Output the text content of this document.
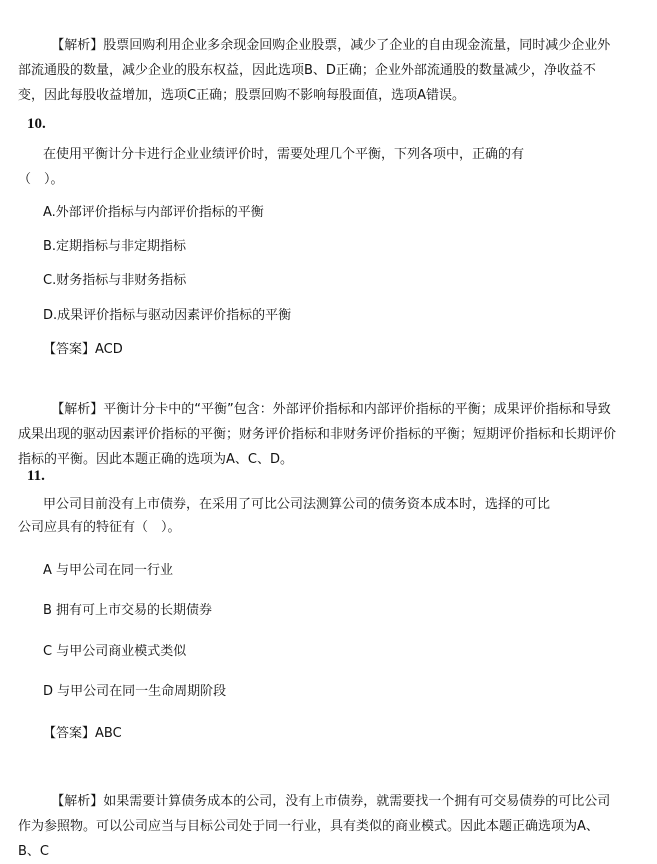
【解析】股票回购利用企业多余现金回购企业股票，减少了企业的自由现金流量，同时减少企业外部流通股的数量，减少企业的股东权益，因此选项B、D正确；企业外部流通股的数量减少，净收益不变，因此每股收益增加，选项C正确；股票回购不影响每股面值，选项A错误。

10.
在使用平衡计分卡进行企业业绩评价时，需要处理几个平衡，下列各项中，正确的有
（　）。
A.外部评价指标与内部评价指标的平衡
B.定期指标与非定期指标
C.财务指标与非财务指标
D.成果评价指标与驱动因素评价指标的平衡
【答案】ACD

【解析】平衡计分卡中的“平衡”包含：外部评价指标和内部评价指标的平衡；成果评价指标和导致成果出现的驱动因素评价指标的平衡；财务评价指标和非财务评价指标的平衡；短期评价指标和长期评价指标的平衡。因此本题正确的选项为A、C、D。

11.
甲公司目前没有上市债券，在采用了可比公司法测算公司的债务资本成本时，选择的可比
公司应具有的特征有（　）。
A 与甲公司在同一行业
B 拥有可上市交易的长期债券
C 与甲公司商业模式类似
D 与甲公司在同一生命周期阶段
【答案】ABC

【解析】如果需要计算债务成本的公司，没有上市债券，就需要找一个拥有可交易债券的可比公司作为参照物。可以公司应当与目标公司处于同一行业，具有类似的商业模式。因此本题正确选项为A、B、C
